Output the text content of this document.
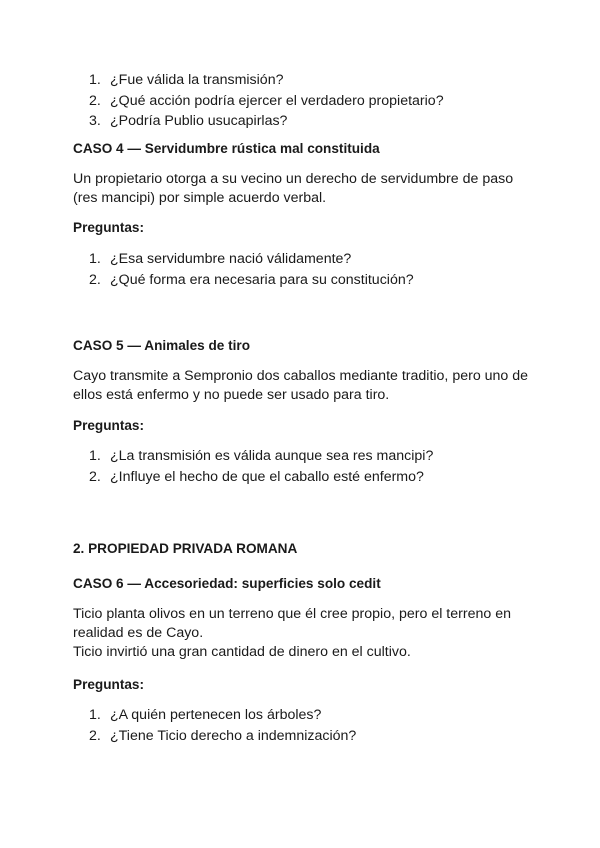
1. ¿Fue válida la transmisión?
2. ¿Qué acción podría ejercer el verdadero propietario?
3. ¿Podría Publio usucapirlas?
CASO 4 — Servidumbre rústica mal constituida
Un propietario otorga a su vecino un derecho de servidumbre de paso
(res mancipi) por simple acuerdo verbal.
Preguntas:
1. ¿Esa servidumbre nació válidamente?
2. ¿Qué forma era necesaria para su constitución?
CASO 5 — Animales de tiro
Cayo transmite a Sempronio dos caballos mediante traditio, pero uno de
ellos está enfermo y no puede ser usado para tiro.
Preguntas:
1. ¿La transmisión es válida aunque sea res mancipi?
2. ¿Influye el hecho de que el caballo esté enfermo?
2. PROPIEDAD PRIVADA ROMANA
CASO 6 — Accesoriedad: superficies solo cedit
Ticio planta olivos en un terreno que él cree propio, pero el terreno en
realidad es de Cayo.
Ticio invirtió una gran cantidad de dinero en el cultivo.
Preguntas:
1. ¿A quién pertenecen los árboles?
2. ¿Tiene Ticio derecho a indemnización?
